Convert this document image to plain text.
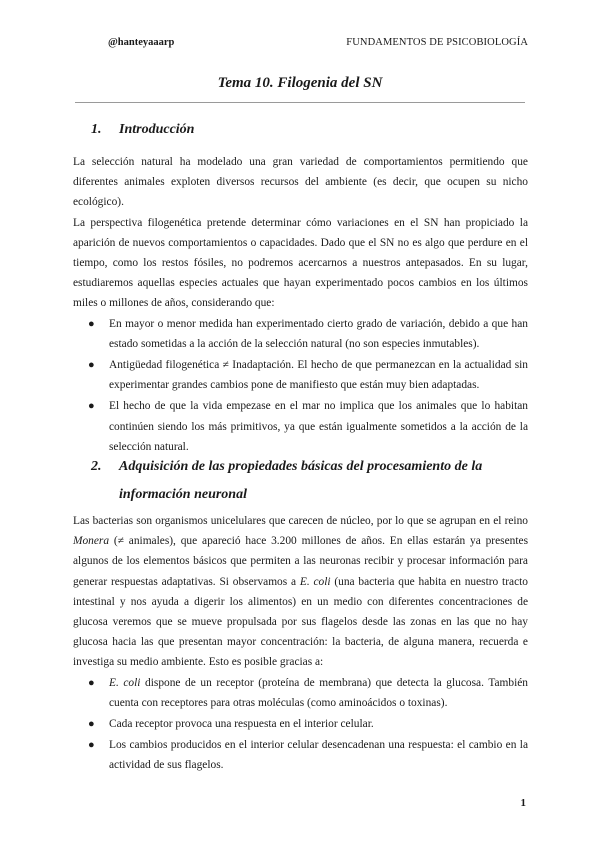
@hanteyaaarp	FUNDAMENTOS DE PSICOBIOLOGÍA
Tema 10. Filogenia del SN
1. Introducción

La selección natural ha modelado una gran variedad de comportamientos permitiendo que diferentes animales exploten diversos recursos del ambiente (es decir, que ocupen su nicho ecológico).

La perspectiva filogenética pretende determinar cómo variaciones en el SN han propiciado la aparición de nuevos comportamientos o capacidades. Dado que el SN no es algo que perdure en el tiempo, como los restos fósiles, no podremos acercarnos a nuestros antepasados. En su lugar, estudiaremos aquellas especies actuales que hayan experimentado pocos cambios en los últimos miles o millones de años, considerando que:

● En mayor o menor medida han experimentado cierto grado de variación, debido a que han estado sometidas a la acción de la selección natural (no son especies inmutables).
● Antigüedad filogenética ≠ Inadaptación. El hecho de que permanezcan en la actualidad sin experimentar grandes cambios pone de manifiesto que están muy bien adaptadas.
● El hecho de que la vida empezase en el mar no implica que los animales que lo habitan continúen siendo los más primitivos, ya que están igualmente sometidos a la acción de la selección natural.
2. Adquisición de las propiedades básicas del procesamiento de la
información neuronal

Las bacterias son organismos unicelulares que carecen de núcleo, por lo que se agrupan en el reino Monera (≠ animales), que apareció hace 3.200 millones de años. En ellas estarán ya presentes algunos de los elementos básicos que permiten a las neuronas recibir y procesar información para generar respuestas adaptativas. Si observamos a E. coli (una bacteria que habita en nuestro tracto intestinal y nos ayuda a digerir los alimentos) en un medio con diferentes concentraciones de glucosa veremos que se mueve propulsada por sus flagelos desde las zonas en las que no hay glucosa hacia las que presentan mayor concentración: la bacteria, de alguna manera, recuerda e investiga su medio ambiente. Esto es posible gracias a:

● E. coli dispone de un receptor (proteína de membrana) que detecta la glucosa. También cuenta con receptores para otras moléculas (como aminoácidos o toxinas).
● Cada receptor provoca una respuesta en el interior celular.
● Los cambios producidos en el interior celular desencadenan una respuesta: el cambio en la actividad de sus flagelos.
1
